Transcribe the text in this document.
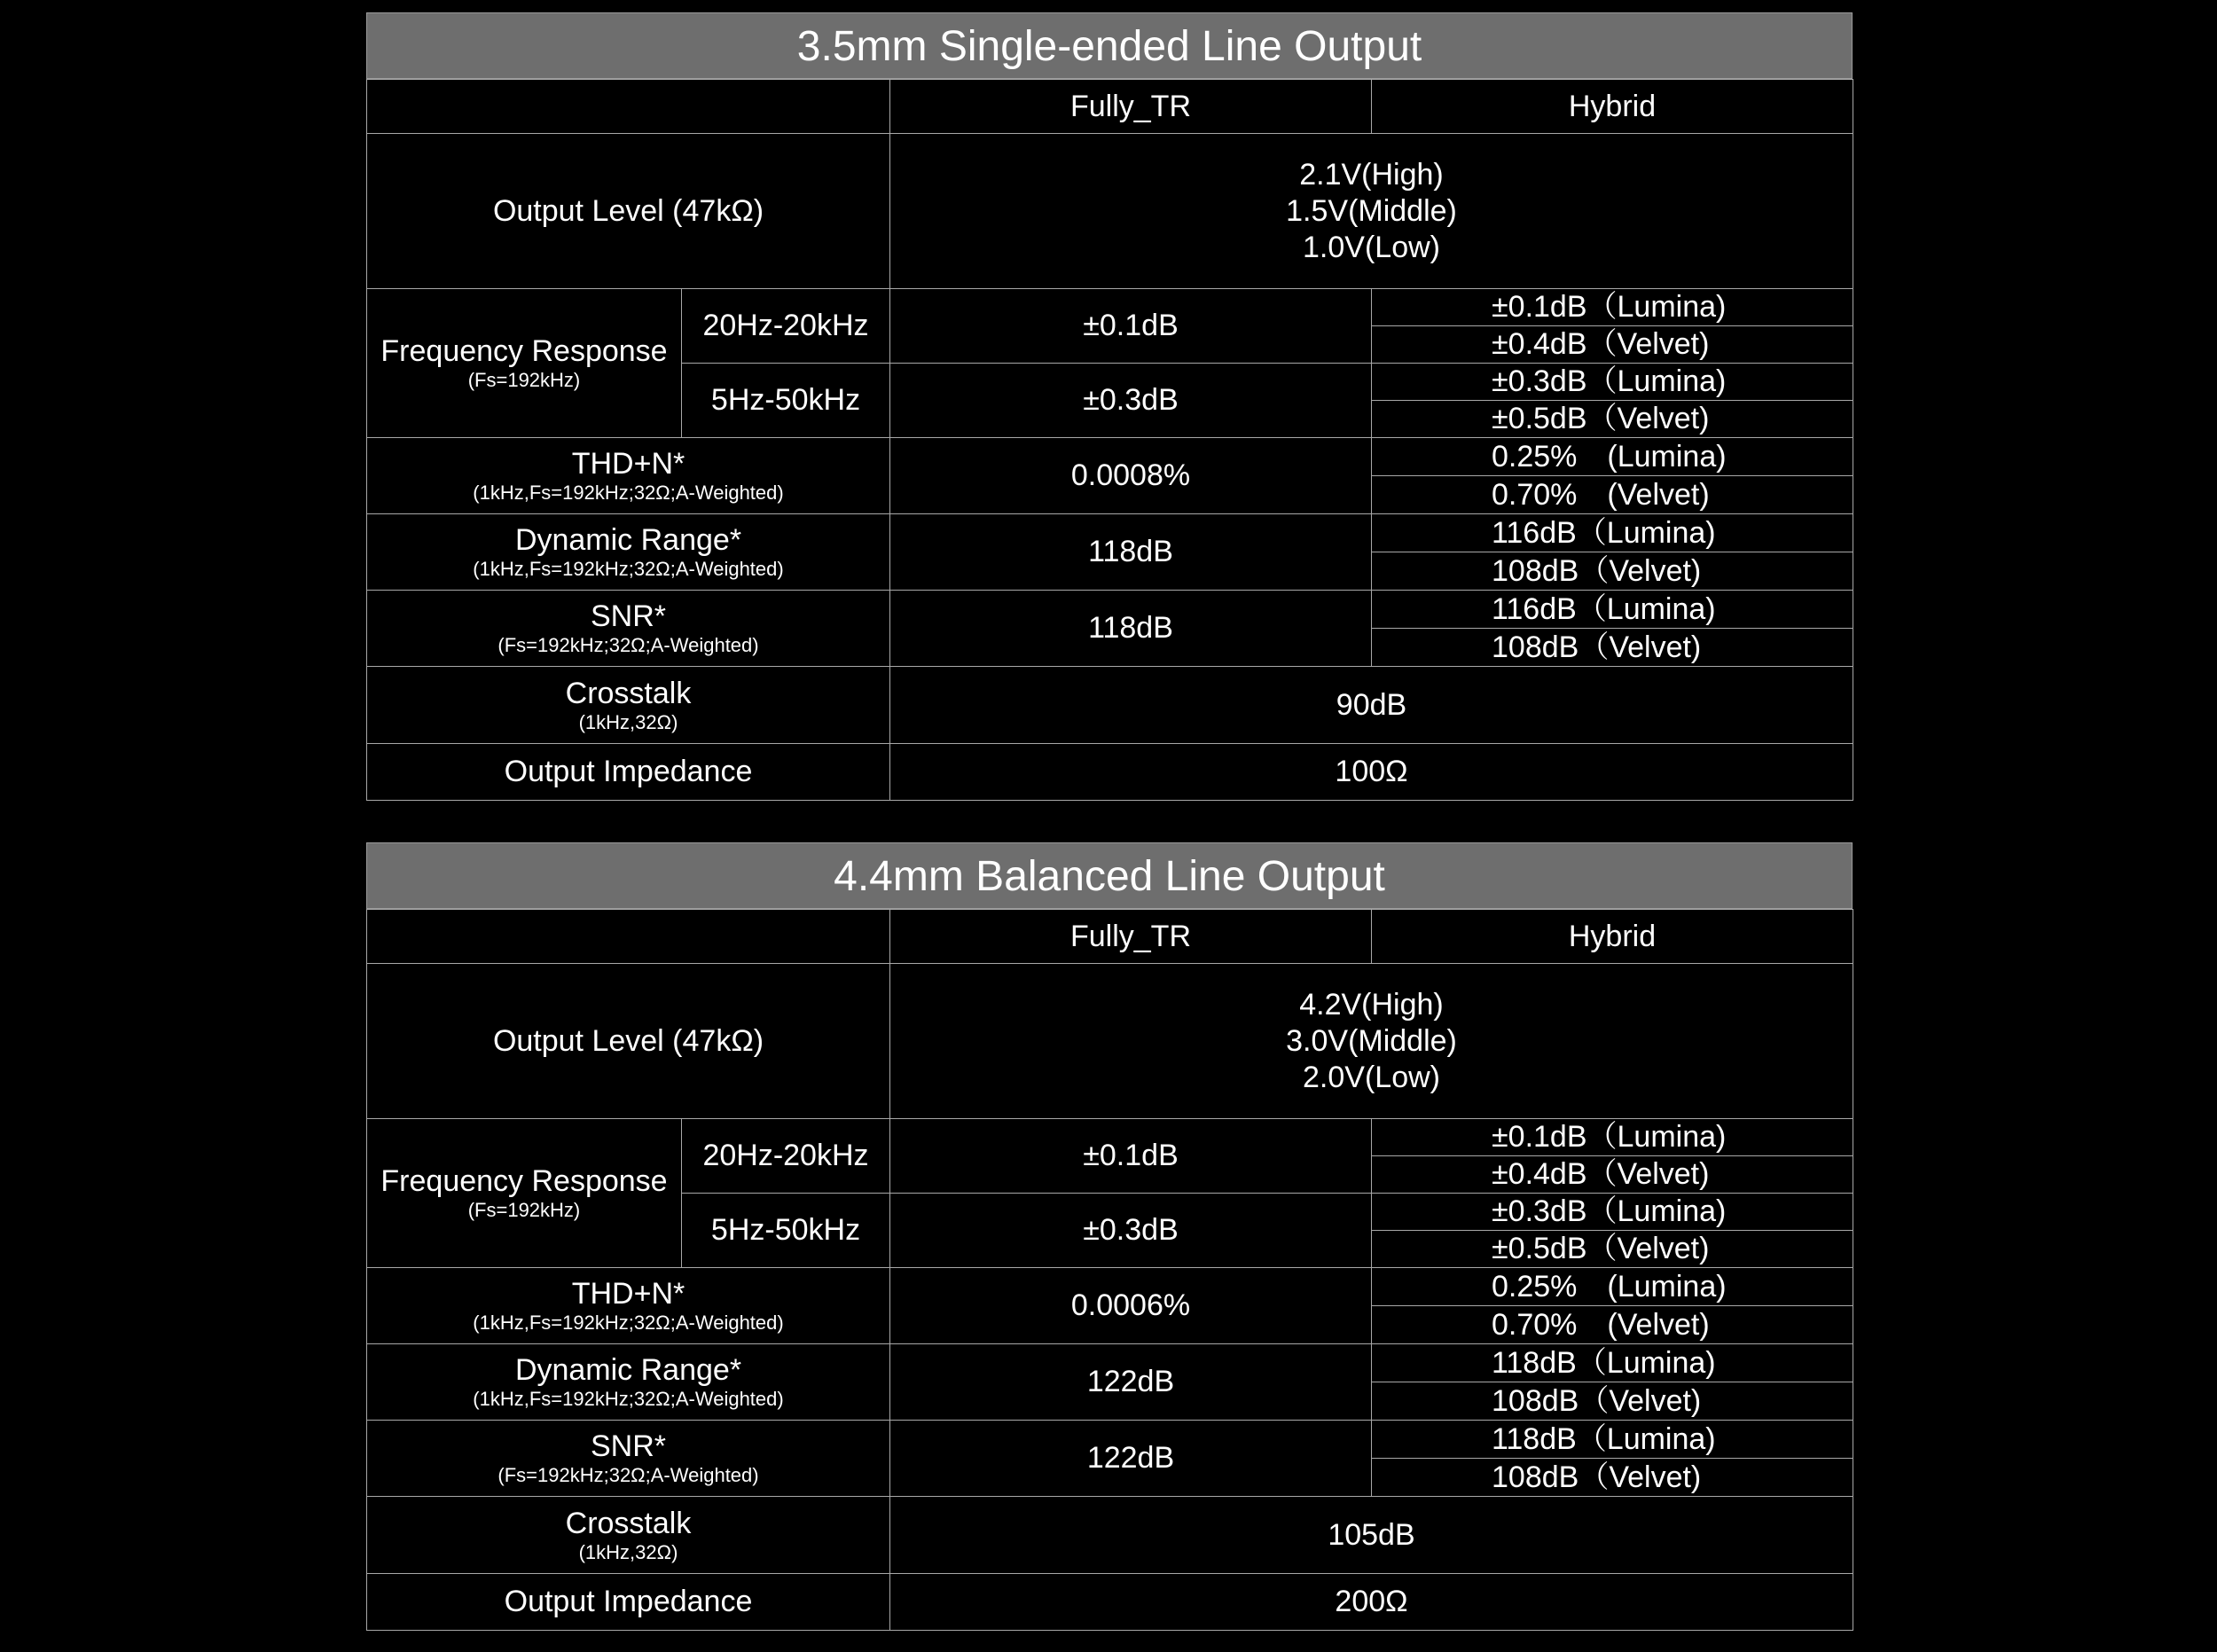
3.5mm Single-ended Line Output
		Fully_TR	Hybrid
Output Level (47kΩ)		2.1V(High)
1.5V(Middle)
1.0V(Low)	

Frequency Response
(Fs=192kHz)	20Hz-20kHz	±0.1dB	±0.1dB（Lumina)
			±0.4dB（Velvet)
	5Hz-50kHz	±0.3dB	±0.3dB（Lumina)
			±0.5dB（Velvet)
THD+N*
(1kHz,Fs=192kHz;32Ω;A-Weighted)		0.0008%	0.25%　(Lumina)
			0.70%　(Velvet)
Dynamic Range*
(1kHz,Fs=192kHz;32Ω;A-Weighted)		118dB	116dB（Lumina)
			108dB（Velvet)
SNR*
(Fs=192kHz;32Ω;A-Weighted)		118dB	116dB（Lumina)
			108dB（Velvet)
Crosstalk
(1kHz,32Ω)		90dB	
Output Impedance		100Ω	
4.4mm Balanced Line Output
		Fully_TR	Hybrid
Output Level (47kΩ)		4.2V(High)
3.0V(Middle)
2.0V(Low)	

Frequency Response
(Fs=192kHz)	20Hz-20kHz	±0.1dB	±0.1dB（Lumina)
			±0.4dB（Velvet)
	5Hz-50kHz	±0.3dB	±0.3dB（Lumina)
			±0.5dB（Velvet)
THD+N*
(1kHz,Fs=192kHz;32Ω;A-Weighted)		0.0006%	0.25%　(Lumina)
			0.70%　(Velvet)
Dynamic Range*
(1kHz,Fs=192kHz;32Ω;A-Weighted)		122dB	118dB（Lumina)
			108dB（Velvet)
SNR*
(Fs=192kHz;32Ω;A-Weighted)		122dB	118dB（Lumina)
			108dB（Velvet)
Crosstalk
(1kHz,32Ω)		105dB	
Output Impedance		200Ω	
